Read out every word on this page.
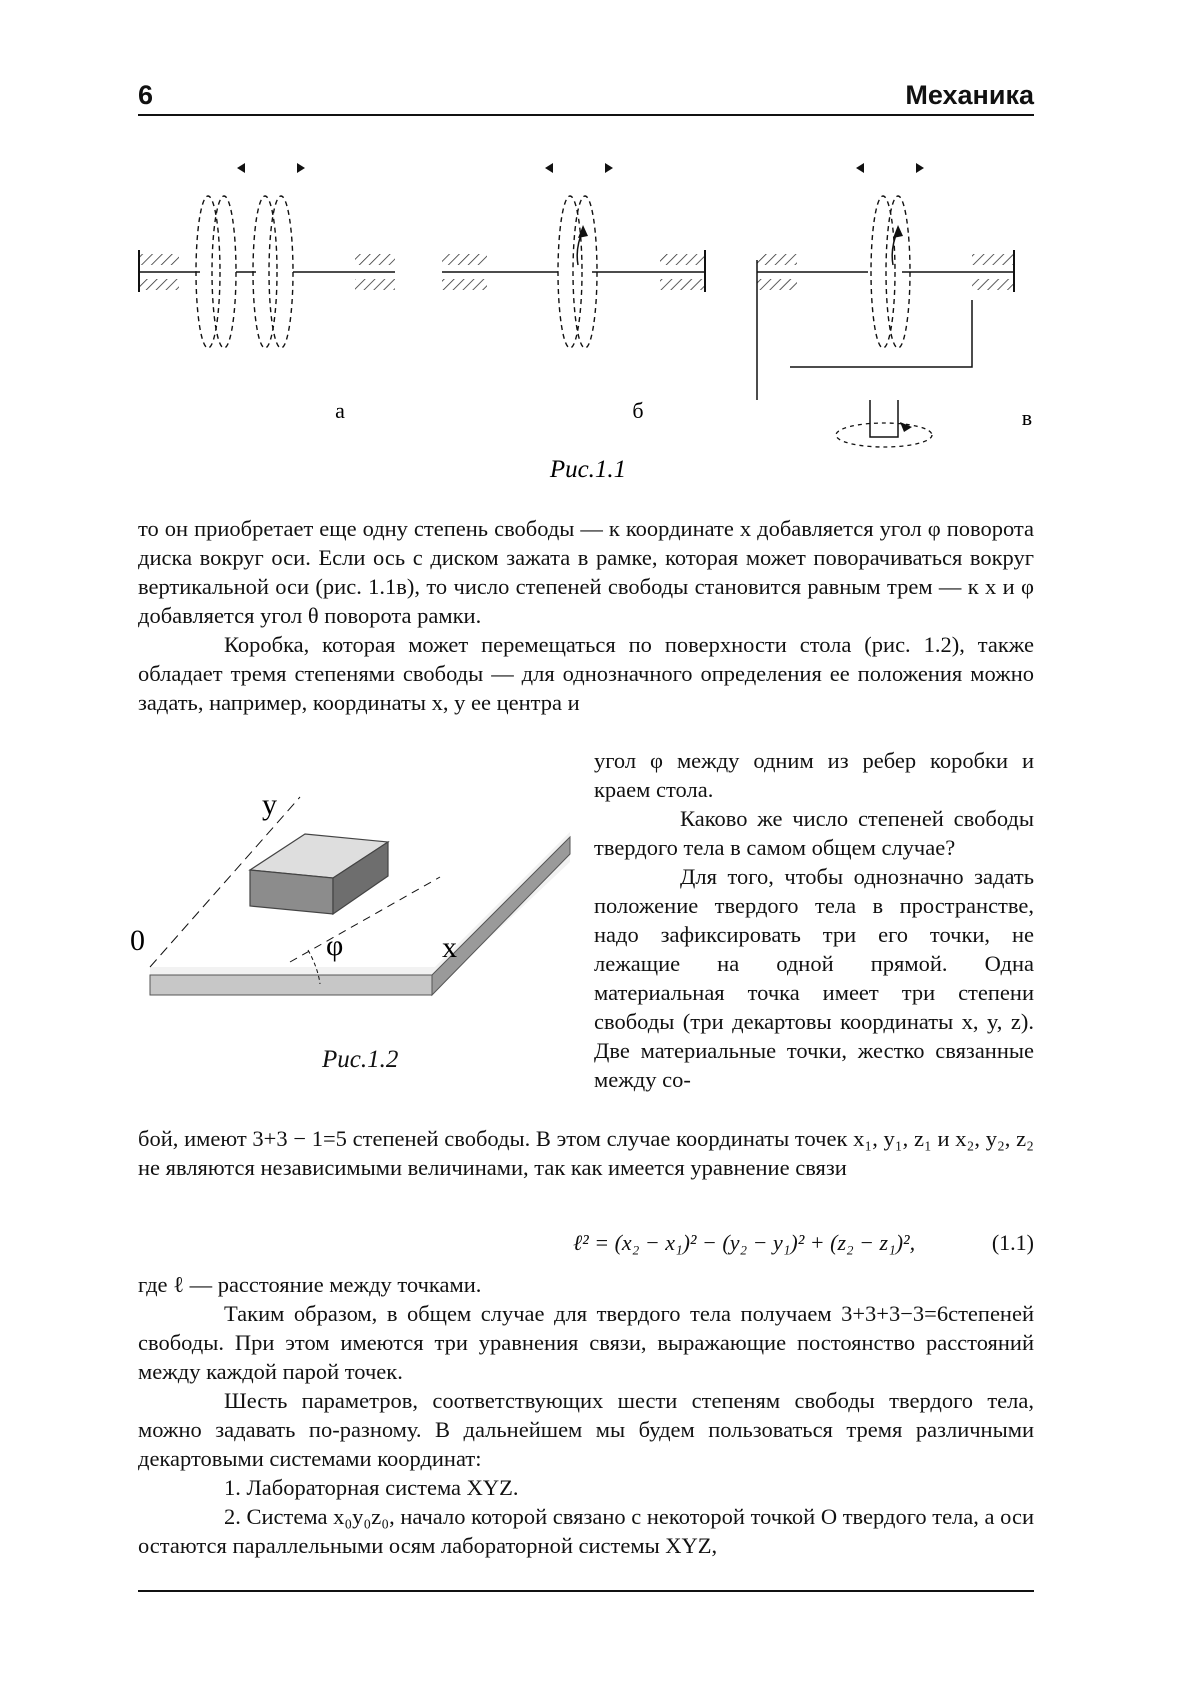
6	Механика
а	б	в
Рис.1.1

то он приобретает еще одну степень свободы — к координате x добавляется угол φ поворота диска вокруг оси. Если ось с диском зажата в рамке, которая может поворачиваться вокруг вертикальной оси (рис. 1.1в), то число степеней свободы становится равным трем — к x и φ добавляется угол θ поворота рамки.

Коробка, которая может перемещаться по поверхности стола (рис. 1.2), также обладает тремя степенями свободы — для однозначного определения ее положения можно задать, например, координаты x, y ее центра и

y
0	x
φ
Рис.1.2

угол φ между одним из ребер коробки и краем стола.

Каково же число степеней свободы твердого тела в самом общем случае?

Для того, чтобы однозначно задать положение твердого тела в пространстве, надо зафиксировать три его точки, не лежащие на одной прямой. Одна материальная точка имеет три степени свободы (три декартовы координаты x, y, z). Две материальные точки, жестко связанные между со-

бой, имеют 3+3 − 1=5 степеней свободы. В этом случае координаты точек x₁, y₁, z₁ и x₂, y₂, z₂ не являются независимыми величинами, так как имеется уравнение связи

ℓ² = (x₂ − x₁)² − (y₂ − y₁)² + (z₂ − z₁)²,	(1.1)

где ℓ — расстояние между точками.

Таким образом, в общем случае для твердого тела получаем 3+3+3−3=6степеней свободы. При этом имеются три уравнения связи, выражающие постоянство расстояний между каждой парой точек.

Шесть параметров, соответствующих шести степеням свободы твердого тела, можно задавать по-разному. В дальнейшем мы будем пользоваться тремя различными декартовыми системами координат:

1. Лабораторная система XYZ.

2. Система x₀y₀z₀, начало которой связано с некоторой точкой O твердого тела, а оси остаются параллельными осям лабораторной системы XYZ,
